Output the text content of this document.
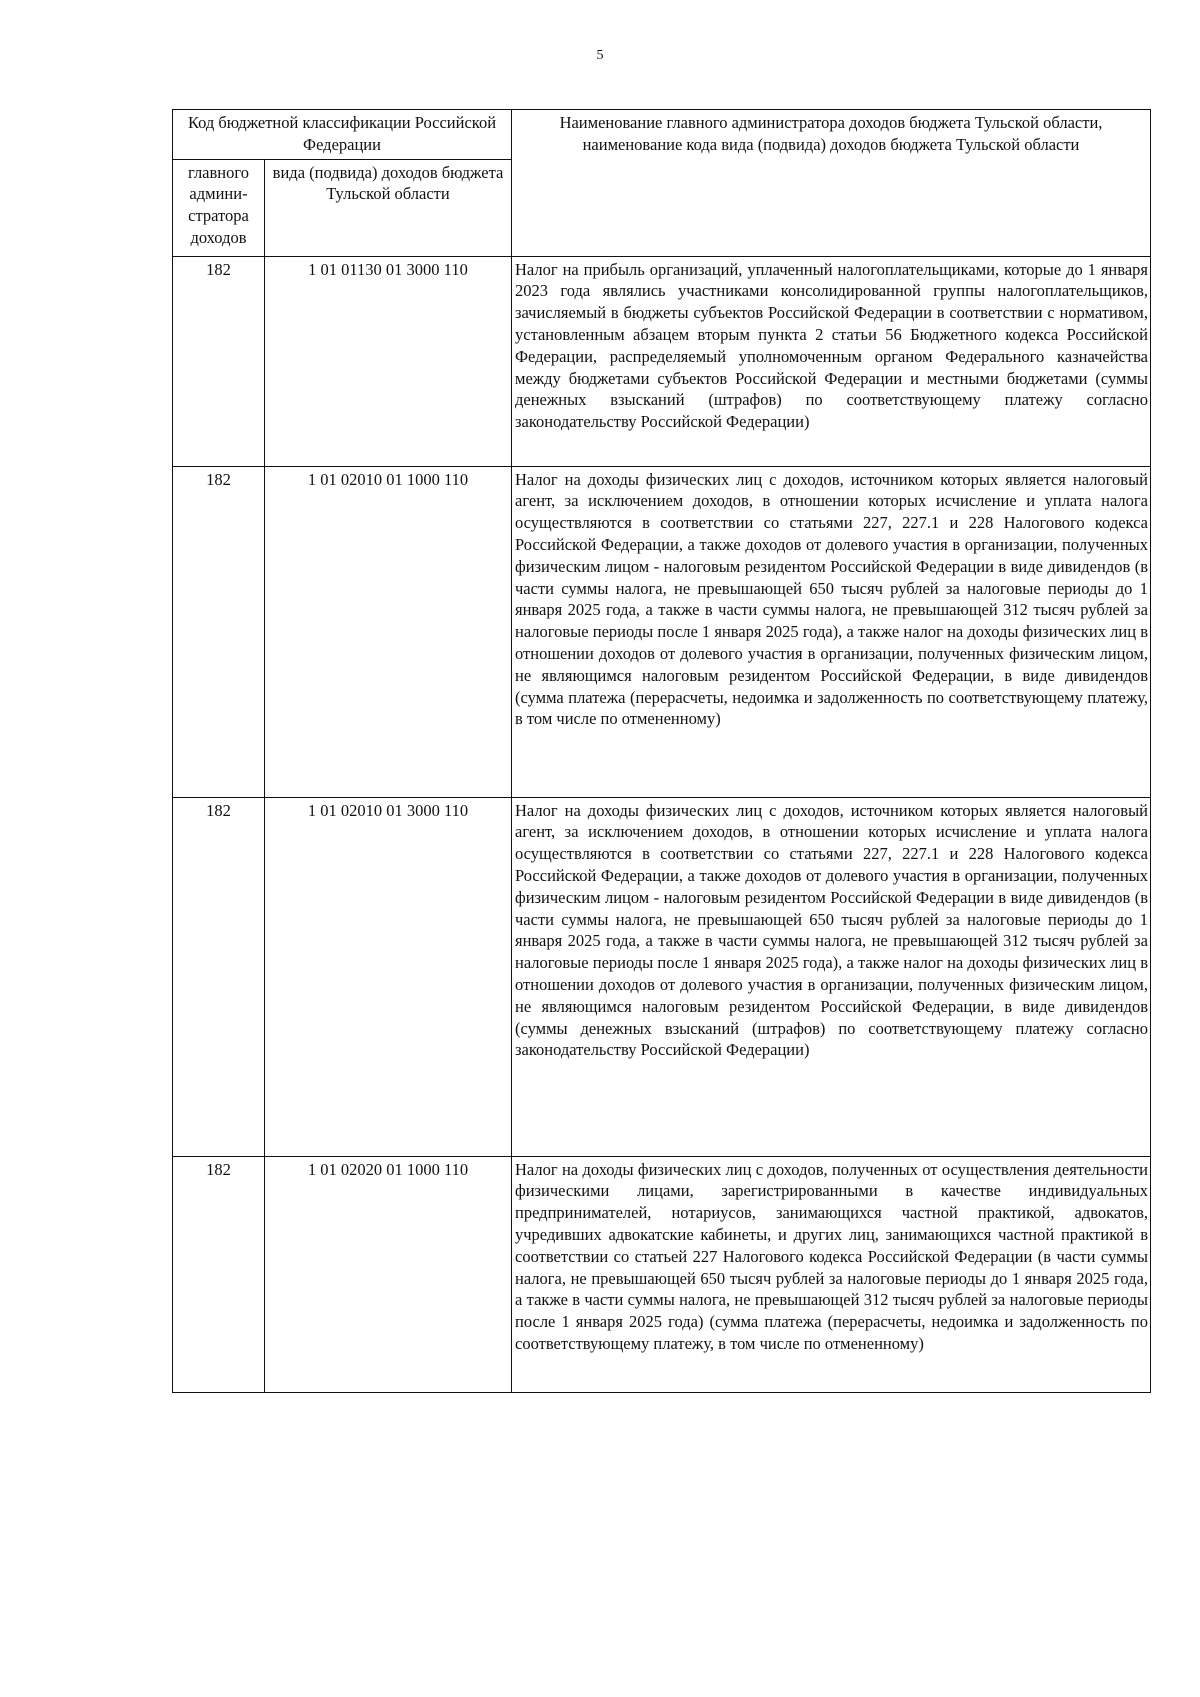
5
Код бюджетной классификации Российской Федерации		Наименование главного администратора доходов бюджета Тульской области, наименование кода вида (подвида) доходов бюджета Тульской области
главного админи-стратора доходов	вида (подвида) доходов бюджета Тульской области	
182	1 01 01130 01 3000 110	Налог на прибыль организаций, уплаченный налогоплательщиками, которые до 1 января 2023 года являлись участниками консолидированной группы налогоплательщиков, зачисляемый в бюджеты субъектов Российской Федерации в соответствии с нормативом, установленным абзацем вторым пункта 2 статьи 56 Бюджетного кодекса Российской Федерации, распределяемый уполномоченным органом Федерального казначейства между бюджетами субъектов Российской Федерации и местными бюджетами (суммы денежных взысканий (штрафов) по соответствующему платежу согласно законодательству Российской Федерации)
182	1 01 02010 01 1000 110	Налог на доходы физических лиц с доходов, источником которых является налоговый агент, за исключением доходов, в отношении которых исчисление и уплата налога осуществляются в соответствии со статьями 227, 227.1 и 228 Налогового кодекса Российской Федерации, а также доходов от долевого участия в организации, полученных физическим лицом - налоговым резидентом Российской Федерации в виде дивидендов (в части суммы налога, не превышающей 650 тысяч рублей за налоговые периоды до 1 января 2025 года, а также в части суммы налога, не превышающей 312 тысяч рублей за налоговые периоды после 1 января 2025 года), а также налог на доходы физических лиц в отношении доходов от долевого участия в организации, полученных физическим лицом, не являющимся налоговым резидентом Российской Федерации, в виде дивидендов (сумма платежа (перерасчеты, недоимка и задолженность по соответствующему платежу, в том числе по отмененному)
182	1 01 02010 01 3000 110	Налог на доходы физических лиц с доходов, источником которых является налоговый агент, за исключением доходов, в отношении которых исчисление и уплата налога осуществляются в соответствии со статьями 227, 227.1 и 228 Налогового кодекса Российской Федерации, а также доходов от долевого участия в организации, полученных физическим лицом - налоговым резидентом Российской Федерации в виде дивидендов (в части суммы налога, не превышающей 650 тысяч рублей за налоговые периоды до 1 января 2025 года, а также в части суммы налога, не превышающей 312 тысяч рублей за налоговые периоды после 1 января 2025 года), а также налог на доходы физических лиц в отношении доходов от долевого участия в организации, полученных физическим лицом, не являющимся налоговым резидентом Российской Федерации, в виде дивидендов (суммы денежных взысканий (штрафов) по соответствующему платежу согласно законодательству Российской Федерации)
182	1 01 02020 01 1000 110	Налог на доходы физических лиц с доходов, полученных от осуществления деятельности физическими лицами, зарегистрированными в качестве индивидуальных предпринимателей, нотариусов, занимающихся частной практикой, адвокатов, учредивших адвокатские кабинеты, и других лиц, занимающихся частной практикой в соответствии со статьей 227 Налогового кодекса Российской Федерации (в части суммы налога, не превышающей 650 тысяч рублей за налоговые периоды до 1 января 2025 года, а также в части суммы налога, не превышающей 312 тысяч рублей за налоговые периоды после 1 января 2025 года) (сумма платежа (перерасчеты, недоимка и задолженность по соответствующему платежу, в том числе по отмененному)
